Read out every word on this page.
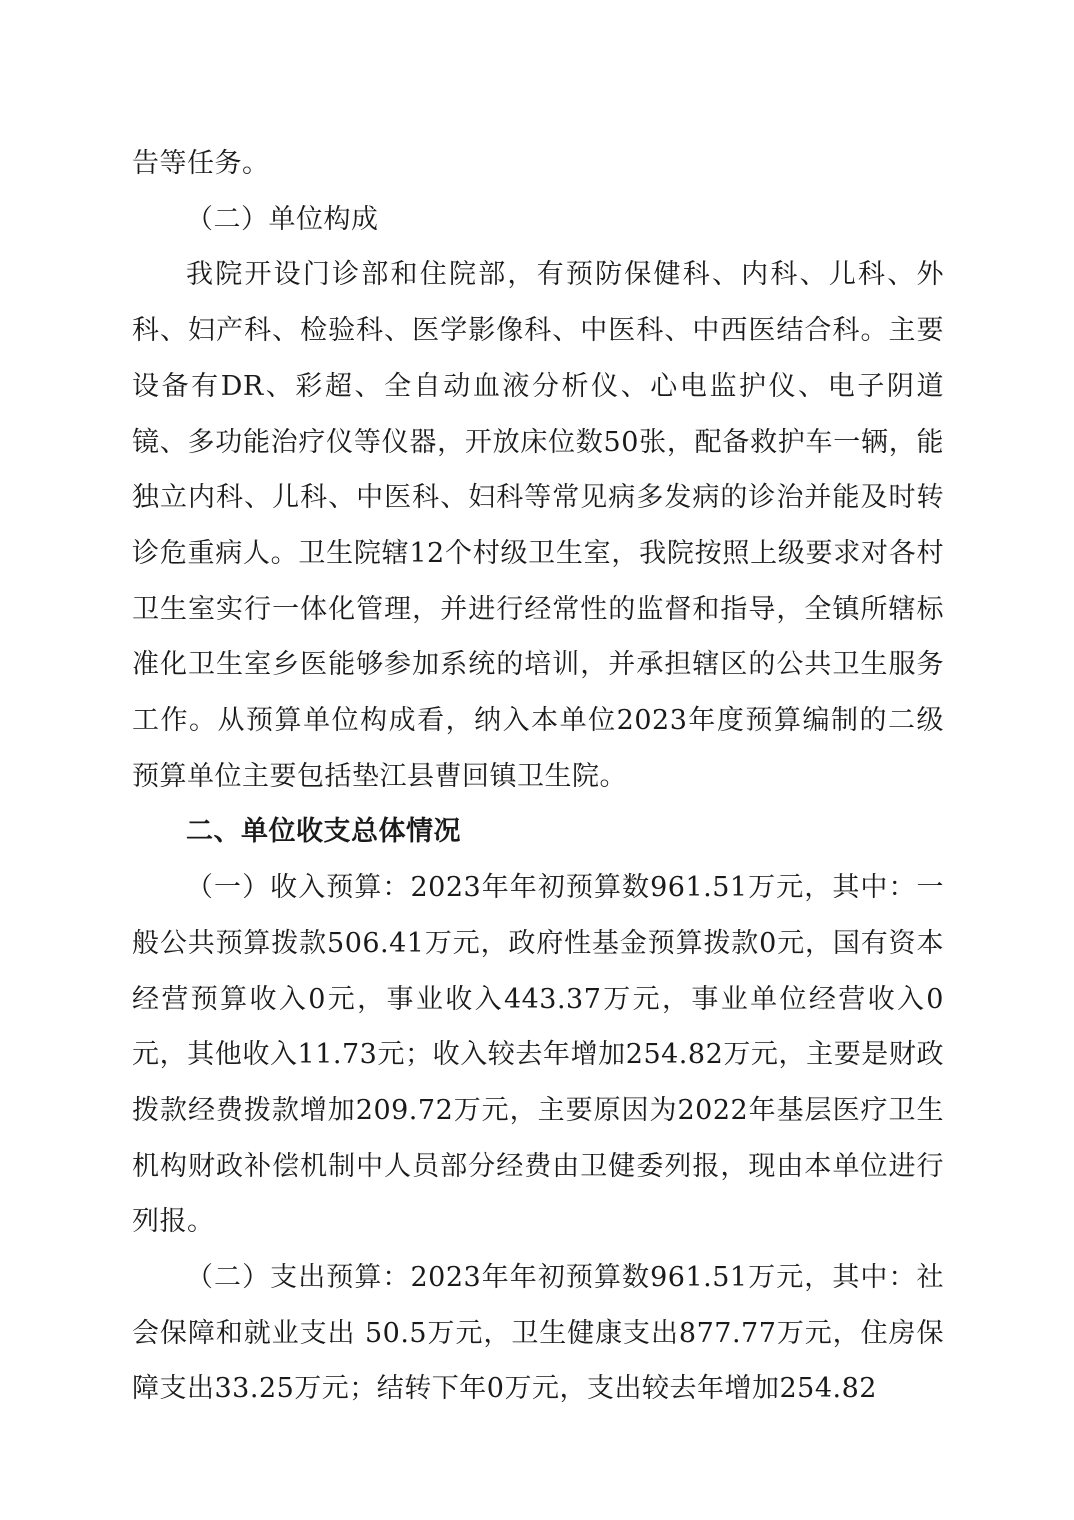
告等任务。

（二）单位构成

我院开设门诊部和住院部，有预防保健科、内科、儿科、外科、妇产科、检验科、医学影像科、中医科、中西医结合科。主要设备有DR、彩超、全自动血液分析仪、心电监护仪、电子阴道镜、多功能治疗仪等仪器，开放床位数50张，配备救护车一辆，能独立内科、儿科、中医科、妇科等常见病多发病的诊治并能及时转诊危重病人。卫生院辖12个村级卫生室，我院按照上级要求对各村卫生室实行一体化管理，并进行经常性的监督和指导，全镇所辖标准化卫生室乡医能够参加系统的培训，并承担辖区的公共卫生服务工作。从预算单位构成看，纳入本单位2023年度预算编制的二级预算单位主要包括垫江县曹回镇卫生院。

二、单位收支总体情况

（一）收入预算：2023年年初预算数961.51万元，其中：一般公共预算拨款506.41万元，政府性基金预算拨款0元，国有资本经营预算收入0元，事业收入443.37万元，事业单位经营收入0元，其他收入11.73元；收入较去年增加254.82万元，主要是财政拨款经费拨款增加209.72万元，主要原因为2022年基层医疗卫生机构财政补偿机制中人员部分经费由卫健委列报，现由本单位进行列报。

（二）支出预算：2023年年初预算数961.51万元，其中：社会保障和就业支出 50.5万元，卫生健康支出877.77万元，住房保障支出33.25万元；结转下年0万元，支出较去年增加254.82
